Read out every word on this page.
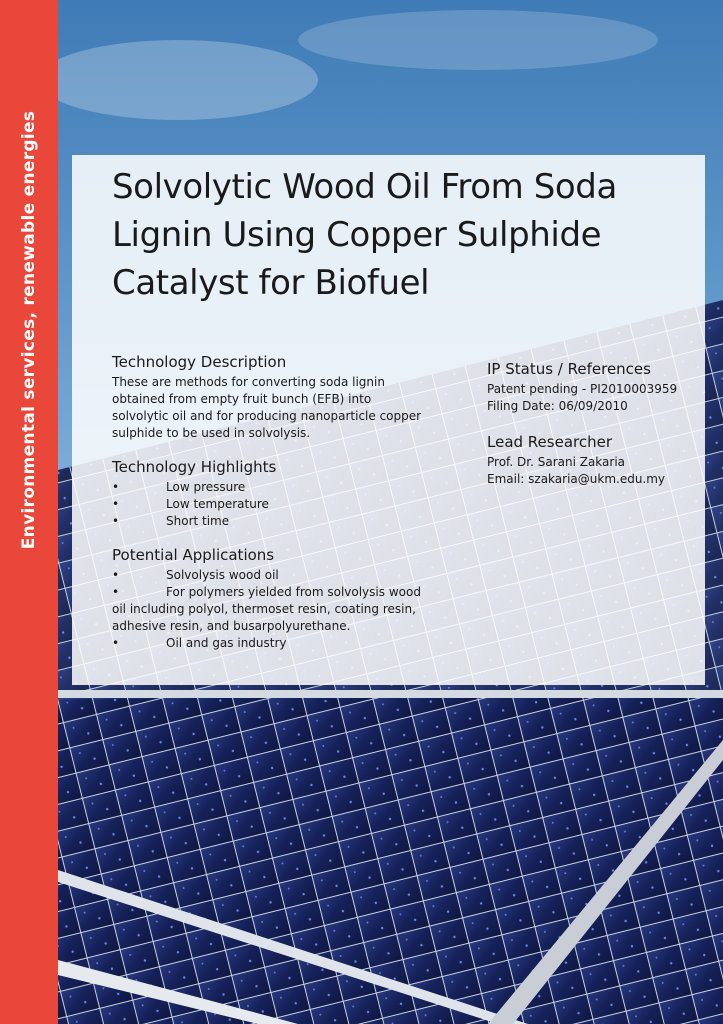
Environmental services, renewable energies Solvolytic Wood Oil From Soda Lignin Using Copper Sulphide Catalyst for Biofuel
Technology Description

These are methods for converting soda lignin obtained from empty fruit bunch (EFB) into solvolytic oil and for producing nanoparticle copper sulphide to be used in solvolysis.

Technology Highlights
•	Low pressure
•	Low temperature
•	Short time
Potential Applications
•	Solvolysis wood oil
•	For polymers yielded from solvolysis wood oil including polyol, thermoset resin, coating resin, adhesive resin, and busarpolyurethane.
•	Oil and gas industry
IP Status / References

Patent pending - PI2010003959

Filing Date: 06/09/2010

Lead Researcher

Prof. Dr. Sarani Zakaria

Email: szakaria@ukm.edu.my
